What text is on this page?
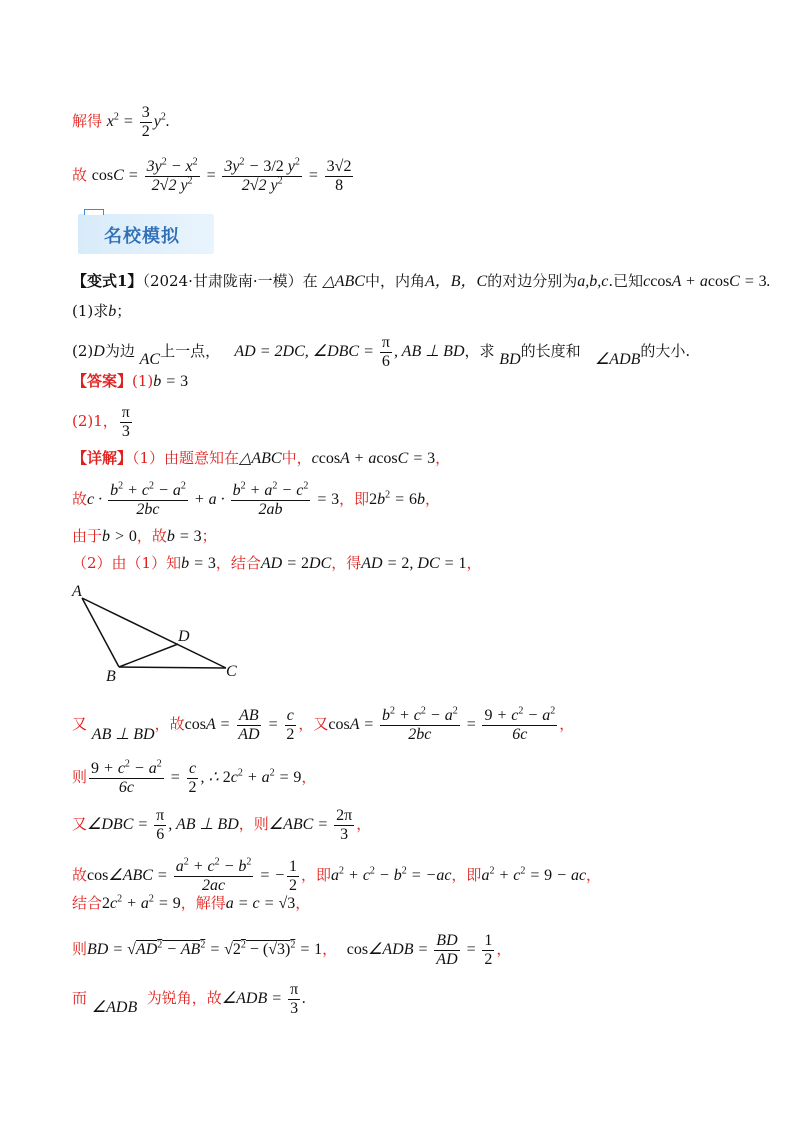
解得 $x^2 = \frac{3}{2} y^2$.
故 $\cos C = \frac{3y^2 - x^2}{2√2 y^2} = \frac{3y^2 - 3/2 y^2}{2√2 y^2} = \frac{3√2}{8}$
名校模拟
【变式1】（2024·甘肃陇南·一模）在 △ABC中，内角A，B，C的对边分别为a,b,c.已知ccosA + acosC = 3.
(1)求b；
(2)D为边 AC上一点， AD = 2DC, ∠DBC = $\frac{\pi}{6}$ , AB ⊥ BD，求 BD的长度和 ∠ADB的大小.
【答案】(1)b = 3
(2)1， $\frac{\pi}{3}$
【详解】（1）由题意知在△ABC中，ccosA + acosC = 3，
故$c \cdot \frac{b^2 + c^2 - a^2}{2bc} + a \cdot \frac{b^2 + a^2 - c^2}{2ab} = 3$，即$2b^2 = 6b$，
由于b > 0，故b = 3；
（2）由（1）知b = 3，结合AD = 2DC，得AD = 2, DC = 1，
A
B	C
D
又 AB ⊥ BD，故$\cos A = \frac{AB}{AD} = \frac{c}{2}$ ，又$\cos A = \frac{b^2 + c^2 - a^2}{2bc} = \frac{9 + c^2 - a^2}{6c}$ ，
则 $\frac{9 + c^2 - a^2}{6c} = \frac{c}{2}$ , ∴ $2c^2 + a^2 = 9$，
又∠DBC = $\frac{\pi}{6}$ , AB ⊥ BD，则∠ABC = $\frac{2\pi}{3}$ ，
故cos∠ABC = $\frac{a^2 + c^2 - b^2}{2ac}$ = − $\frac{1}{2}$ ，即$a^2 + c^2 - b^2 = -ac$，即$a^2 + c^2 = 9$ − ac，
结合$2c^2 + a^2 = 9$，解得a = c = √3，
则BD = $√AD^2 - AB^2 = √2^2 - (√3)^2 = 1$， cos∠ADB = $\frac{BD}{AD} = \frac{1}{2}$ ，
而 ∠ADB  为锐角，故∠ADB = $\frac{\pi}{3}$ .
